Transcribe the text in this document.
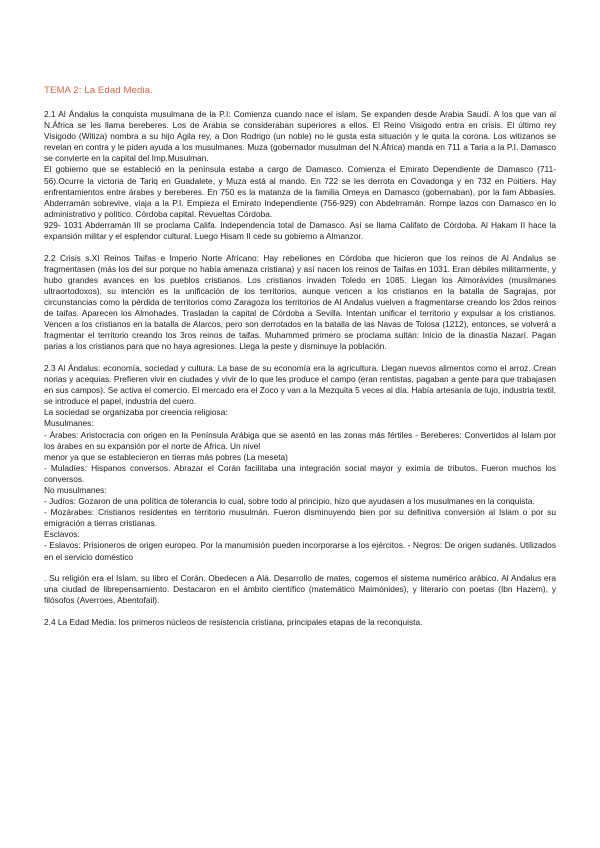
TEMA 2: La Edad Media.

2.1 Al Ándalus la conquista musulmana de la P.I: Comienza cuando nace el islam. Se expanden desde Arabia Saudí. A los que van al N.África se les llama bereberes. Los de Arabia se consideraban superiores a ellos. El Reino Visigodo entra en crisis. El último rey Visigodo (Witiza) nombra a su hijo Agila rey, a Don Rodrigo (un noble) no le gusta esta situación y le quita la corona. Los witizanos se revelan en contra y le piden ayuda a los musulmanes. Muza (gobernador musulman del N.África) manda en 711 a Taria a la P.I. Damasco se convierte en la capital del Imp.Musulman.

El gobierno que se estableció en la península estaba a cargo de Damasco. Comienza el Emirato Dependiente de Damasco (711-56).Ocurre la victoria de Tariq en Guadalete, y Muza está al mando. En 722 se les derrota en Covadonga y en 732 en Poitiers. Hay enfrentamientos entre árabes y bereberes. En 750 es la matanza de la familia Omeya en Damasco (gobernaban), por la fam Abbasíes. Abderramán sobrevive, viaja a la P.I. Empieza el Emirato Independiente (756-929) con Abdelrramán. Rompe lazos con Damasco en lo administrativo y político. Córdoba capital. Revueltas Córdoba.

929- 1031 Abderramán III se proclama Califa. Independencia total de Damasco. Así se llama Califato de Córdoba. Al Hakam II hace la expansión militar y el esplendor cultural. Luego Hisam II cede su gobierno a Almanzor.

2.2 Crisis s.XI Reinos Taifas e Imperio Norte Africano: Hay rebeliones en Córdoba que hicieron que los reinos de Al Andalus se fragmentasen (más los del sur porque no había amenaza cristiana) y así nacen los reinos de Taifas en 1031. Eran débiles militarmente, y hubo grandes avances en los pueblos cristianos. Los cristianos invaden Toledo en 1085. Llegan los Almorávides (musilmanes ultraortodoxos), su intención es la unificación de los territorios, aunque vencen a los cristianos en la batalla de Sagrajas, por circunstancias como la pérdida de territorios como Zaragoza los territorios de Al Andalus vuelven a fragmentarse creando los 2dos reinos de taifas. Aparecen los Almohades. Trasladan la capital de Córdoba a Sevilla. Intentan unificar el territorio y expulsar a los cristianos. Vencen a los cristianos en la batalla de Alarcos, pero son derrotados en la batalla de las Navas de Tolosa (1212), entonces, se volverá a fragmentar el territorio creando los 3ros reinos de taifas. Muhammed primero se proclama sultán: Inicio de la dinastía Nazarí. Pagan parias a los cristianos para que no haya agresiones. Llega la peste y disminuye la población.

2.3 Al Ándalus: economía, sociedad y cultura: La base de su economía era la agricultura. Llegan nuevos alimentos como el arroz. Crean norias y acequias. Prefieren vivir en ciudades y vivir de lo que les produce el campo (eran rentistas, pagaban a gente para que trabajasen en sus campos). Se activa el comercio. El mercado era el Zoco y van a la Mezquita 5 veces al día. Había artesanía de lujo, industria textil, se introduce el papel, industria del cuero.

La sociedad se organizaba por creencia religiosa:

Musulmanes:

- Árabes: Aristocracia con origen en la Península Arábiga que se asentó en las zonas más fértiles - Bereberes: Convertidos al Islam por los árabes en su expansión por el norte de África. Un nivel

menor ya que se establecieron en tierras más pobres (La meseta)

- Muladíes: Hispanos conversos. Abrazar el Corán facilitaba una integración social mayor y eximía de tributos. Fueron muchos los conversos.

No musulmanes:

- Judíos: Gozaron de una política de tolerancia lo cual, sobre todo al principio, hizo que ayudasen a los musulmanes en la conquista.

- Mozárabes: Cristianos residentes en territorio musulmán. Fueron disminuyendo bien por su definitiva conversión al Islam o por su emigración a tierras cristianas.

Esclavos:

- Eslavos: Prisioneros de origen europeo. Por la manumisión pueden incorporarse a los ejércitos. - Negros: De origen sudanés. Utilizados en el servicio doméstico

. Su religión era el Islam, su libro el Corán. Obedecen a Alá. Desarrollo de mates, cogemos el sistema numérico arábico. Al Andalus era una ciudad de librepensamiento. Destacaron en el ámbito científico (matemático Maimónides), y literario con poetas (Ibn Hazem), y filósofos (Averroes, Abentofail).

2.4 La Edad Media: los primeros núcleos de resistencia cristiana, principales etapas de la reconquista.
